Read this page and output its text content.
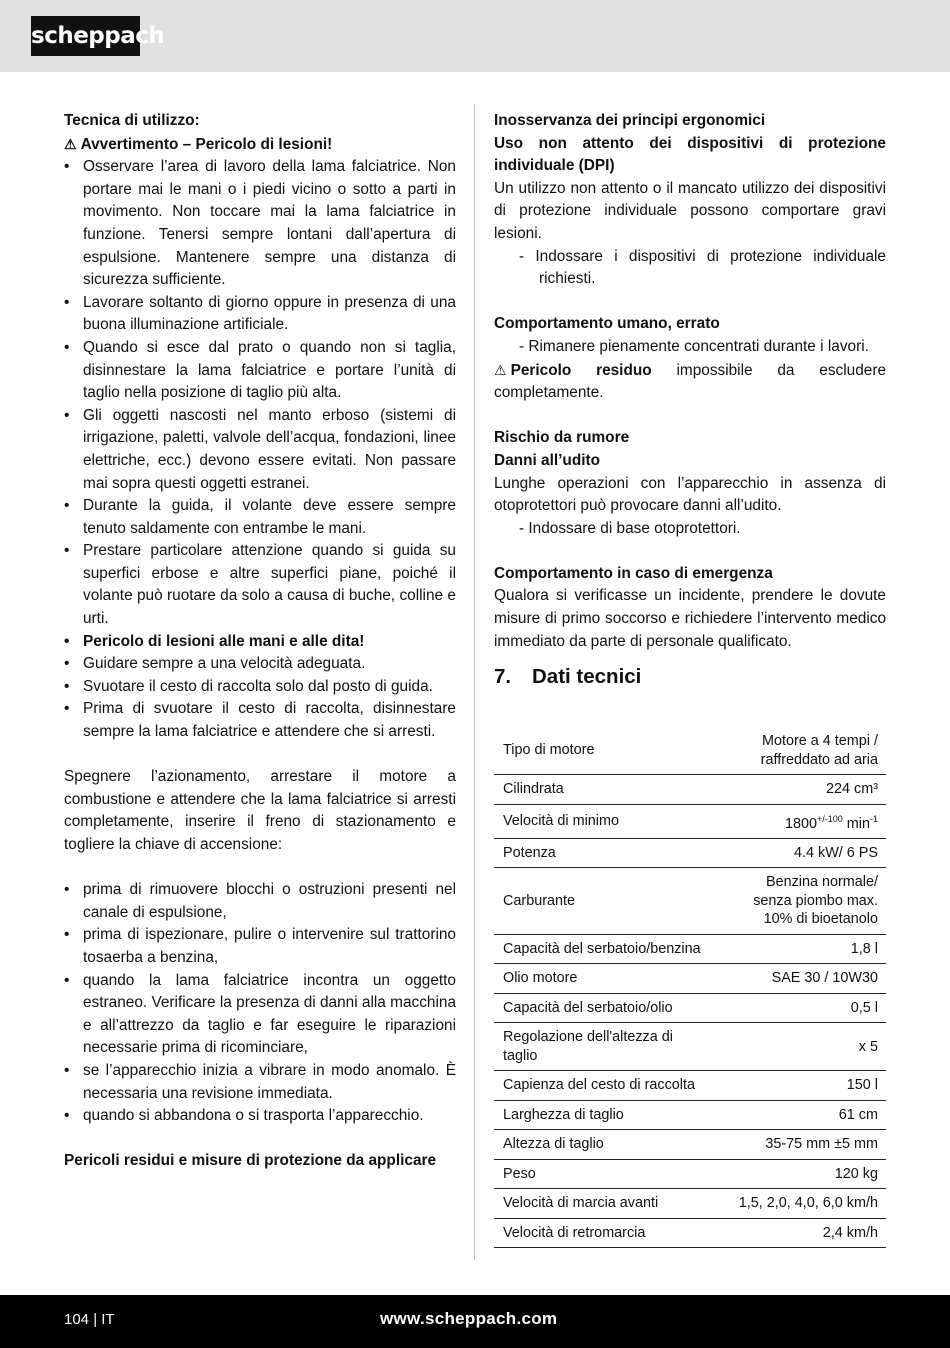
scheppach

Tecnica di utilizzo:

⚠ Avvertimento – Pericolo di lesioni!

• Osservare l’area di lavoro della lama falciatrice. Non portare mai le mani o i piedi vicino o sotto a parti in movimento. Non toccare mai la lama falciatrice in funzione. Tenersi sempre lontani dall’apertura di espulsione. Mantenere sempre una distanza di sicurezza sufficiente.
• Lavorare soltanto di giorno oppure in presenza di una buona illuminazione artificiale.
• Quando si esce dal prato o quando non si taglia, disinnestare la lama falciatrice e portare l’unità di taglio nella posizione di taglio più alta.
• Gli oggetti nascosti nel manto erboso (sistemi di irrigazione, paletti, valvole dell’acqua, fondazioni, linee elettriche, ecc.) devono essere evitati. Non passare mai sopra questi oggetti estranei.
• Durante la guida, il volante deve essere sempre tenuto saldamente con entrambe le mani.
• Prestare particolare attenzione quando si guida su superfici erbose e altre superfici piane, poiché il volante può ruotare da solo a causa di buche, colline e urti.
• Pericolo di lesioni alle mani e alle dita!
• Guidare sempre a una velocità adeguata.
• Svuotare il cesto di raccolta solo dal posto di guida.
• Prima di svuotare il cesto di raccolta, disinnestare sempre la lama falciatrice e attendere che si arresti.

Spegnere l’azionamento, arrestare il motore a combustione e attendere che la lama falciatrice si arresti completamente, inserire il freno di stazionamento e togliere la chiave di accensione:

• prima di rimuovere blocchi o ostruzioni presenti nel canale di espulsione,
• prima di ispezionare, pulire o intervenire sul trattorino tosaerba a benzina,
• quando la lama falciatrice incontra un oggetto estraneo. Verificare la presenza di danni alla macchina e all’attrezzo da taglio e far eseguire le riparazioni necessarie prima di ricominciare,
• se l’apparecchio inizia a vibrare in modo anomalo. È necessaria una revisione immediata.
• quando si abbandona o si trasporta l’apparecchio.

Pericoli residui e misure di protezione da applicare

Inosservanza dei principi ergonomici

Uso non attento dei dispositivi di protezione individuale (DPI)

Un utilizzo non attento o il mancato utilizzo dei dispositivi di protezione individuale possono comportare gravi lesioni.

- Indossare i dispositivi di protezione individuale richiesti.

Comportamento umano, errato

- Rimanere pienamente concentrati durante i lavori.

⚠ Pericolo residuo impossibile da escludere completamente.

Rischio da rumore

Danni all’udito

Lunghe operazioni con l’apparecchio in assenza di otoprotettori può provocare danni all’udito.

- Indossare di base otoprotettori.

Comportamento in caso di emergenza

Qualora si verificasse un incidente, prendere le dovute misure di primo soccorso e richiedere l’intervento medico immediato da parte di personale qualificato.

7. Dati tecnici

Tipo di motore	Motore a 4 tempi /
raffreddato ad aria
Cilindrata	224 cm³
Velocità di minimo	$1800^{+/-100}$ $\min^{-1}$
Potenza	4.4 kW/ 6 PS
Carburante	Benzina normale/
senza piombo max.
10% di bioetanolo
Capacità del serbatoio/benzina	1,8 l
Olio motore	SAE 30 / 10W30
Capacità del serbatoio/olio	0,5 l
Regolazione dell'altezza di
taglio	x 5
Capienza del cesto di raccolta	150 l
Larghezza di taglio	61 cm
Altezza di taglio	35-75 mm ±5 mm
Peso	120 kg
Velocità di marcia avanti	1,5, 2,0, 4,0, 6,0 km/h
Velocità di retromarcia	2,4 km/h
104 | IT	www.scheppach.com
